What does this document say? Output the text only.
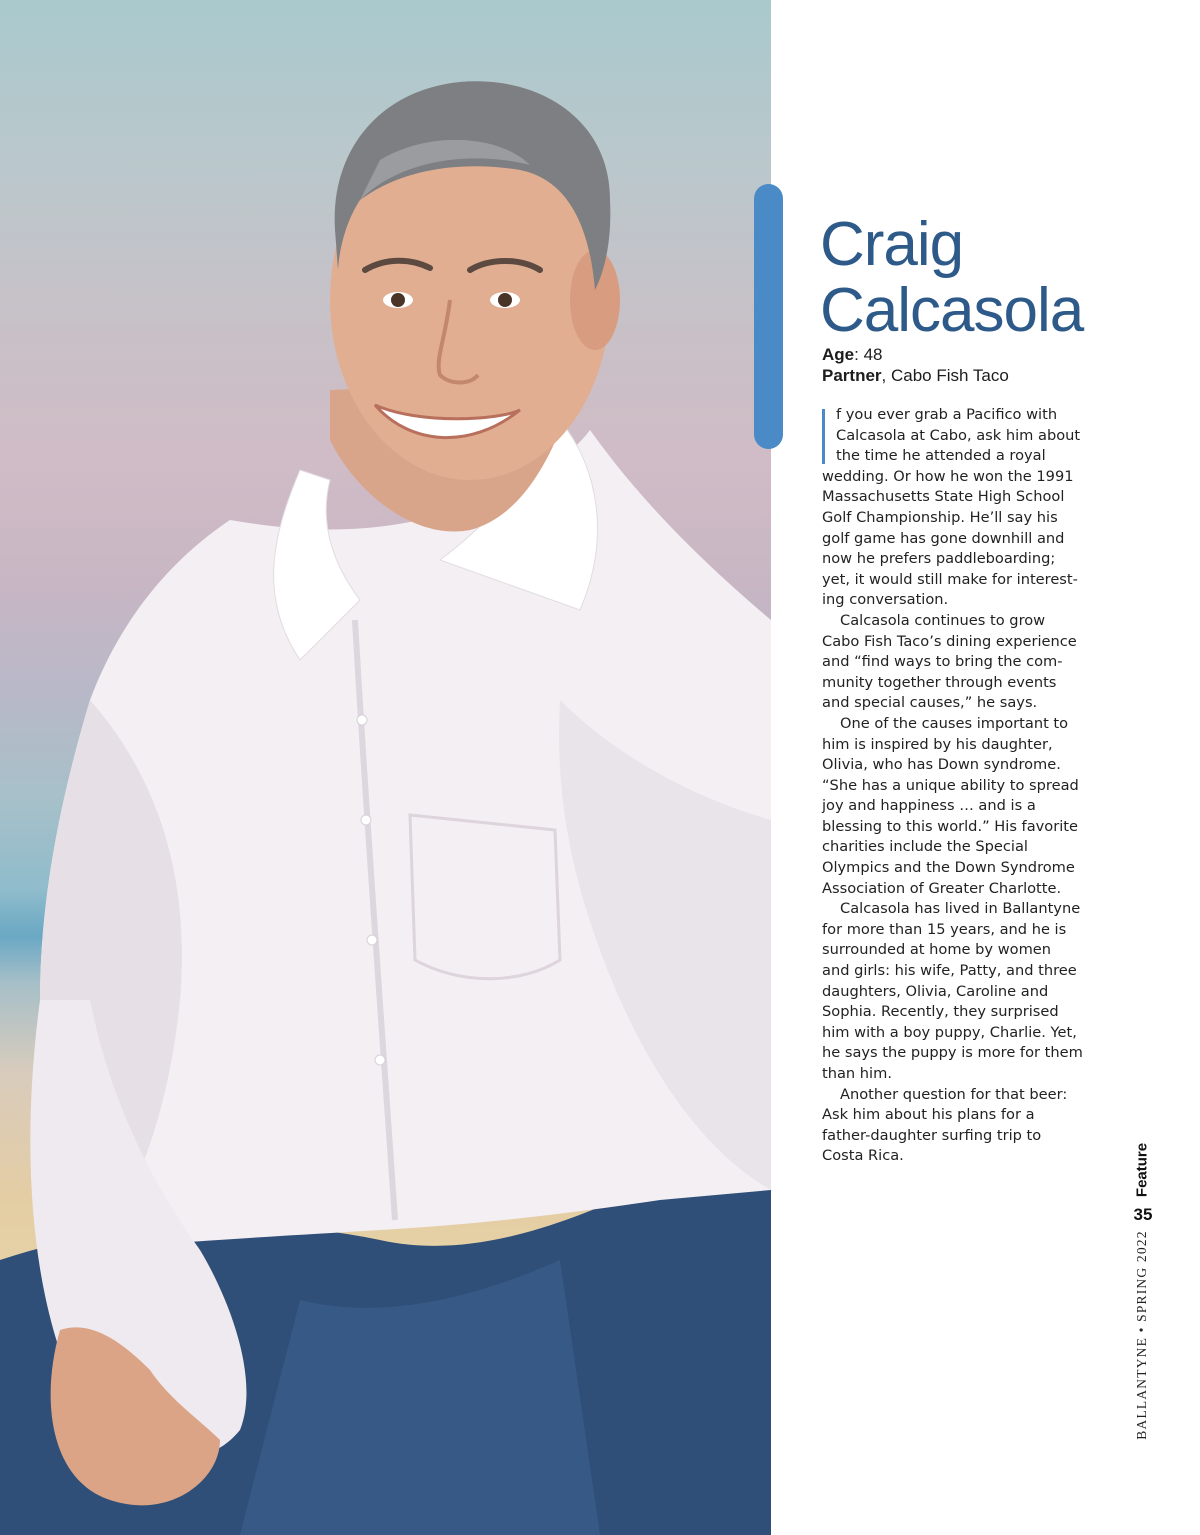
Craig
Calcasola
Age: 48
Partner, Cabo Fish Taco

f you ever grab a Pacifico with

Calcasola at Cabo, ask him about

the time he attended a royal

wedding. Or how he won the 1991

Massachusetts State High School

Golf Championship. He’ll say his

golf game has gone downhill and

now he prefers paddleboarding;

yet, it would still make for interest-

ing conversation.

Calcasola continues to grow

Cabo Fish Taco’s dining experience

and “find ways to bring the com-

munity together through events

and special causes,” he says.

One of the causes important to

him is inspired by his daughter,

Olivia, who has Down syndrome.

“She has a unique ability to spread

joy and happiness … and is a

blessing to this world.” His favorite

charities include the Special

Olympics and the Down Syndrome

Association of Greater Charlotte.

Calcasola has lived in Ballantyne

for more than 15 years, and he is

surrounded at home by women

and girls: his wife, Patty, and three

daughters, Olivia, Caroline and

Sophia. Recently, they surprised

him with a boy puppy, Charlie. Yet,

he says the puppy is more for them

than him.

Another question for that beer:

Ask him about his plans for a

father-daughter surfing trip to

Costa Rica.	Feature
35
BALLANTYNE • SPRING 2022
